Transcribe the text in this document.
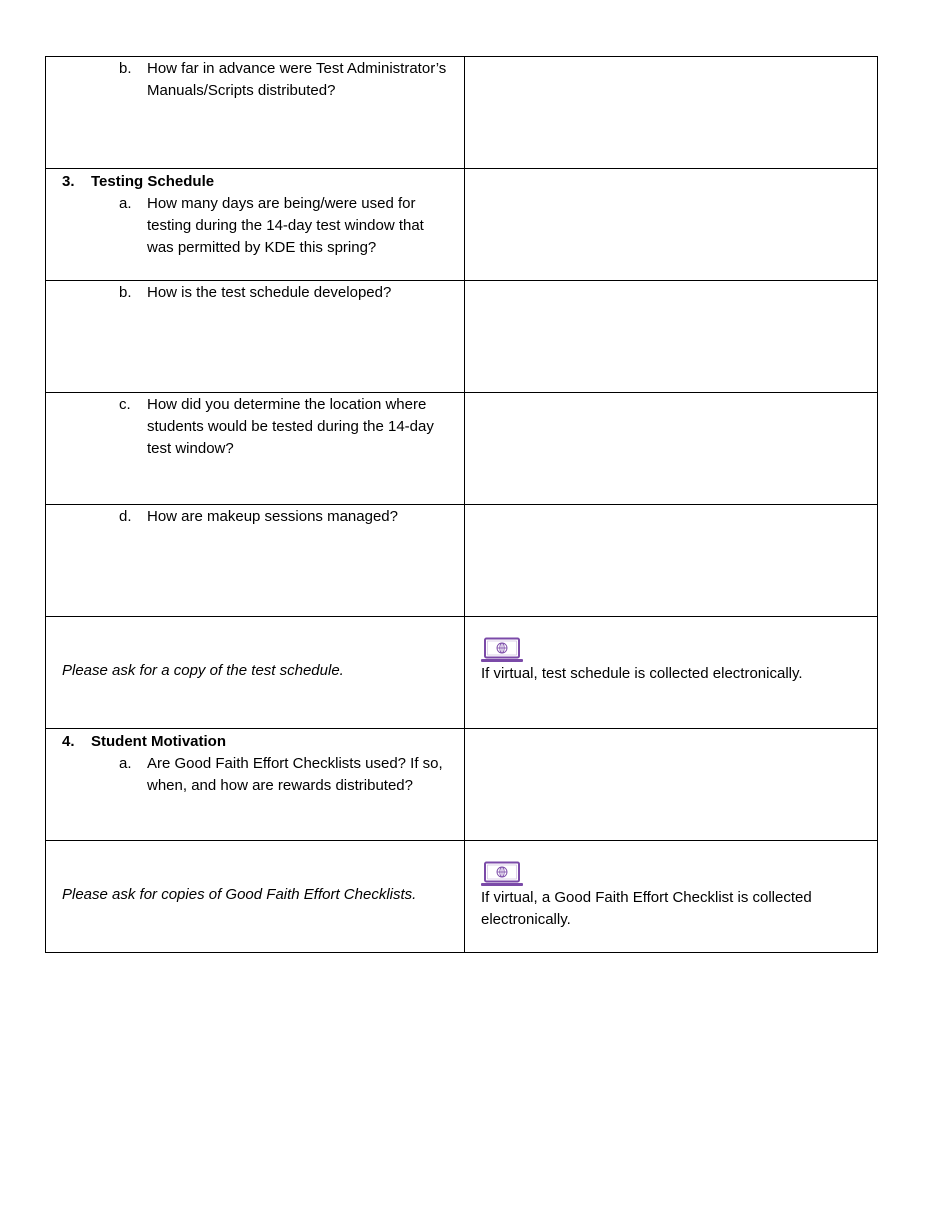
b. How far in advance were Test Administrator’s Manuals/Scripts distributed?	

3. Testing Schedule
a. How many days are being/were used for testing during the 14-day test window that was permitted by KDE this spring?	

b. How is the test schedule developed?	

c. How did you determine the location where students would be tested during the 14-day test window?	

d. How are makeup sessions managed?	

Please ask for a copy of the test schedule.	If virtual, test schedule is collected electronically.

4. Student Motivation
a. Are Good Faith Effort Checklists used? If so, when, and how are rewards distributed?	

Please ask for copies of Good Faith Effort Checklists.	If virtual, a Good Faith Effort Checklist is collected electronically.
